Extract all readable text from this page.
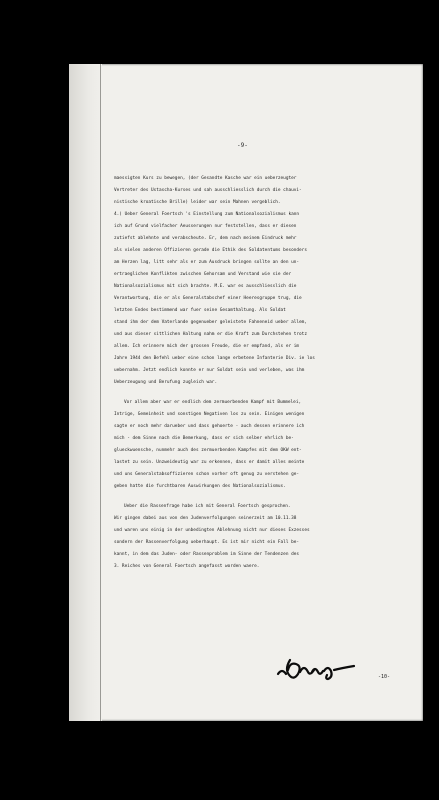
-9-
maessigten Kurs zu bewegen, (der Gesandte Kasche war ein ueberzeugter
Vertreter des Ustascha-Kurses und sah ausschliesslich durch die chauvi-
nistische kroatische Brille) leider war sein Mahnen vergeblich.
4.) Ueber General Foertsch 's Einstellung zum Nationalsozialismus kann
ich auf Grund vielfacher Aeusserungen nur feststellen, dass er diesen
zutiefst ablehnte und verabscheute. Er, dem nach meinem Eindruck mehr
als vielen anderen Offizieren gerade die Ethik des Soldatentums besonders
am Herzen lag, litt sehr als er zum Ausdruck bringen sollte an den un-
ertraeglichen Konflikten zwischen Gehorsam und Verstand wie sie der
Nationalsozialismus mit sich brachte. M.E. war es ausschliesslich die
Verantwortung, die er als Generalstabschef einer Heeresgruppe trug, die
letzten Endes bestimmend war fuer seine Gesamthaltung. Als Soldat
stand ihm der dem Vaterlande gegenueber geleistete Fahneneid ueber allem,
und aus dieser sittlichen Haltung nahm er die Kraft zum Durchstehen trotz
allem. Ich erinnere mich der grossen Freude, die er empfand, als er im
Jahre 1944 den Befehl ueber eine schon lange erbetene Infanterie Div. ie los
uebernahm. Jetzt endlich konnte er nur Soldat sein und verleben, was ihm
Ueberzeugung und Berufung zugleich war.
Vor allem aber war er endlich dem zermuerbenden Kampf mit Bummelei,
Intrige, Gemeinheit und sonstigen Negativen los zu sein. Einigen wenigen
sagte er noch mehr darueber und dass gehoerte - auch dessen erinnere ich
mich - dem Sinne nach die Bemerkung, dass er sich selber ehrlich be-
glueckwuensche, nunmehr auch des zermuerbenden Kampfes mit dem OKW ent-
lastet zu sein. Unzweideutig war zu erkennen, dass er damit alles meinte
und uns Generalstabsoffizieren schon vorher oft genug zu verstehen ge-
geben hatte die furchtbaren Auswirkungen des Nationalsozialismus.
Ueber die Rassenfrage habe ich mit General Foertsch gesprochen.
Wir gingen dabei aus von den Judenverfolgungen seinerzeit am 10.11.38
und waren uns einig in der unbedingten Ablehnung nicht nur dieses Exzesses
sondern der Rassenverfolgung ueberhaupt. Es ist mir nicht ein Fall be-
kannt, in dem das Juden- oder Rassenproblem im Sinne der Tendenzen des
3. Reiches von General Foertsch angefasst worden waere.
-10-
